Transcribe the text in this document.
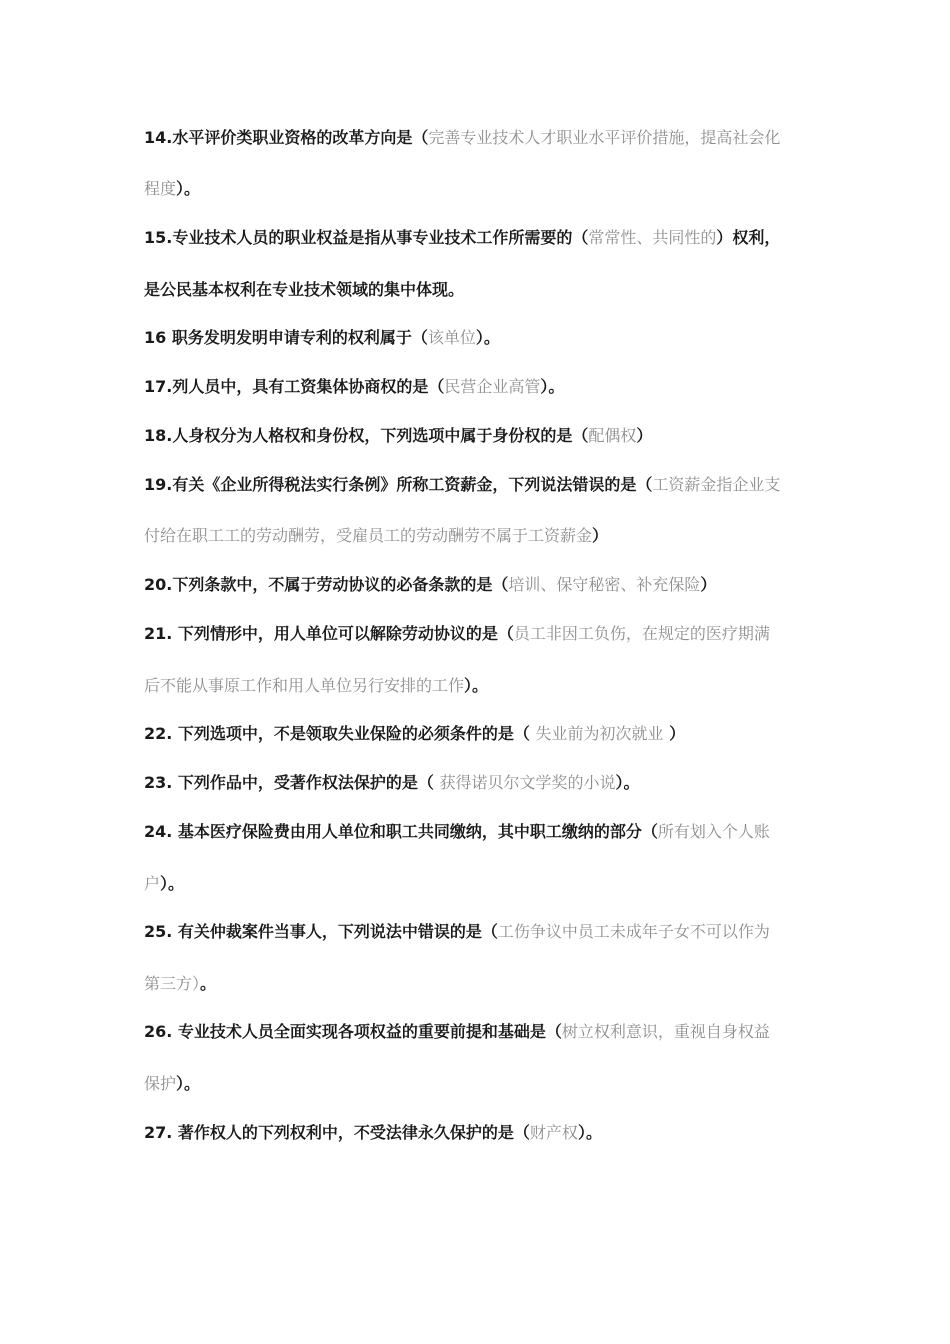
14.水平评价类职业资格的改革方向是（完善专业技术人才职业水平评价措施，提高社会化
程度）。
15.专业技术人员的职业权益是指从事专业技术工作所需要的（常常性、共同性的）权利，
是公民基本权利在专业技术领域的集中体现。
16 职务发明发明申请专利的权利属于（该单位）。
17.列人员中，具有工资集体协商权的是（民营企业高管）。
18.人身权分为人格权和身份权，下列选项中属于身份权的是（配偶权）
19.有关《企业所得税法实行条例》所称工资薪金，下列说法错误的是（工资薪金指企业支
付给在职工工的劳动酬劳，受雇员工的劳动酬劳不属于工资薪金）
20.下列条款中，不属于劳动协议的必备条款的是（培训、保守秘密、补充保险）
21. 下列情形中，用人单位可以解除劳动协议的是（员工非因工负伤，在规定的医疗期满
后不能从事原工作和用人单位另行安排的工作）。
22. 下列选项中，不是领取失业保险的必须条件的是（ 失业前为初次就业 ）
23. 下列作品中，受著作权法保护的是（ 获得诺贝尔文学奖的小说）。
24. 基本医疗保险费由用人单位和职工共同缴纳，其中职工缴纳的部分（所有划入个人账
户）。
25. 有关仲裁案件当事人，下列说法中错误的是（工伤争议中员工未成年子女不可以作为
第三方）。
26. 专业技术人员全面实现各项权益的重要前提和基础是（树立权利意识，重视自身权益
保护）。
27. 著作权人的下列权利中，不受法律永久保护的是（财产权）。
